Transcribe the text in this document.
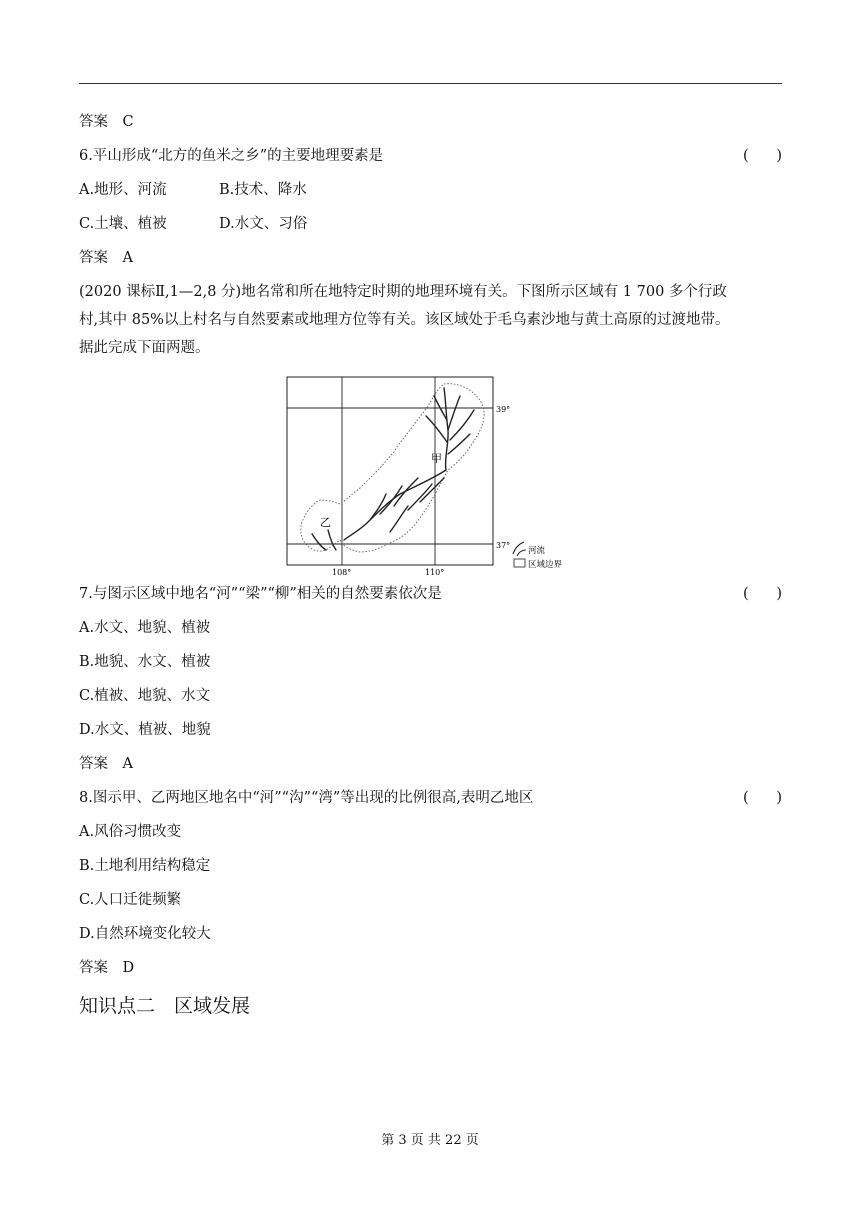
答案　C
6.平山形成“北方的鱼米之乡”的主要地理要素是	(      )
A.地形、河流	B.技术、降水
C.土壤、植被	D.水文、习俗
答案　A

(2020 课标Ⅱ,1—2,8 分)地名常和所在地特定时期的地理环境有关。下图所示区域有 1 700 多个行政

村,其中 85%以上村名与自然要素或地理方位等有关。该区域处于毛乌素沙地与黄土高原的过渡地带。

据此完成下面两题。

甲
乙
39°
37°
108°	110°
河流
区域边界
7.与图示区域中地名“河”“梁”“柳”相关的自然要素依次是	(      )
A.水文、地貌、植被
B.地貌、水文、植被
C.植被、地貌、水文
D.水文、植被、地貌
答案　A
8.图示甲、乙两地区地名中“河”“沟”“湾”等出现的比例很高,表明乙地区	(      )
A.风俗习惯改变
B.土地利用结构稳定
C.人口迁徙频繁
D.自然环境变化较大
答案　D
知识点二　区域发展
第 3 页 共 22 页
